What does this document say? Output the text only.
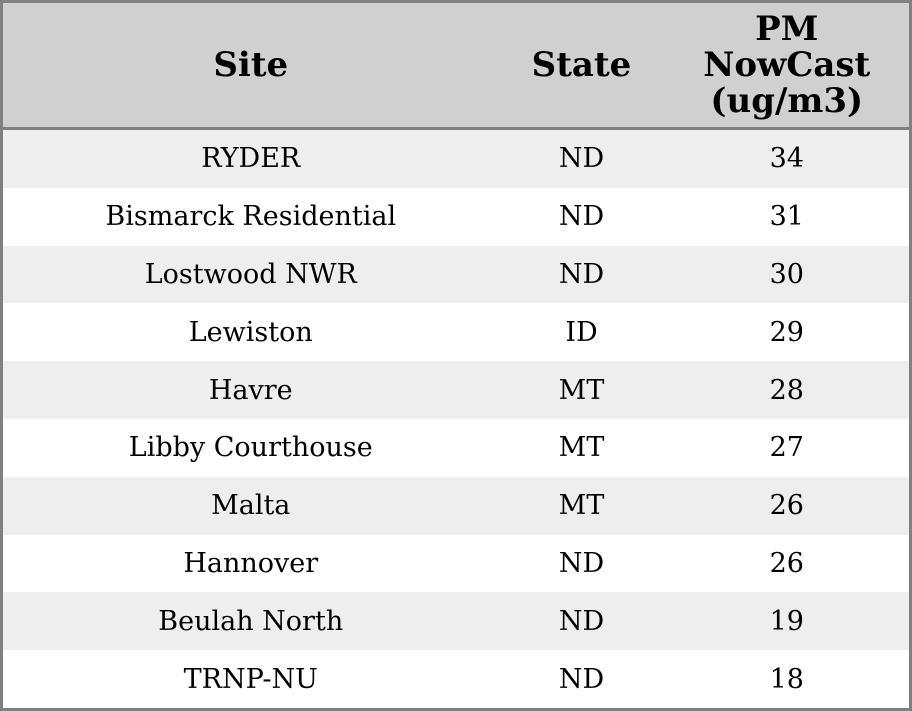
Site	State	PM NowCast (ug/m3)
RYDER	ND	34
Bismarck Residential	ND	31
Lostwood NWR	ND	30
Lewiston	ID	29
Havre	MT	28
Libby Courthouse	MT	27
Malta	MT	26
Hannover	ND	26
Beulah North	ND	19
TRNP-NU	ND	18
